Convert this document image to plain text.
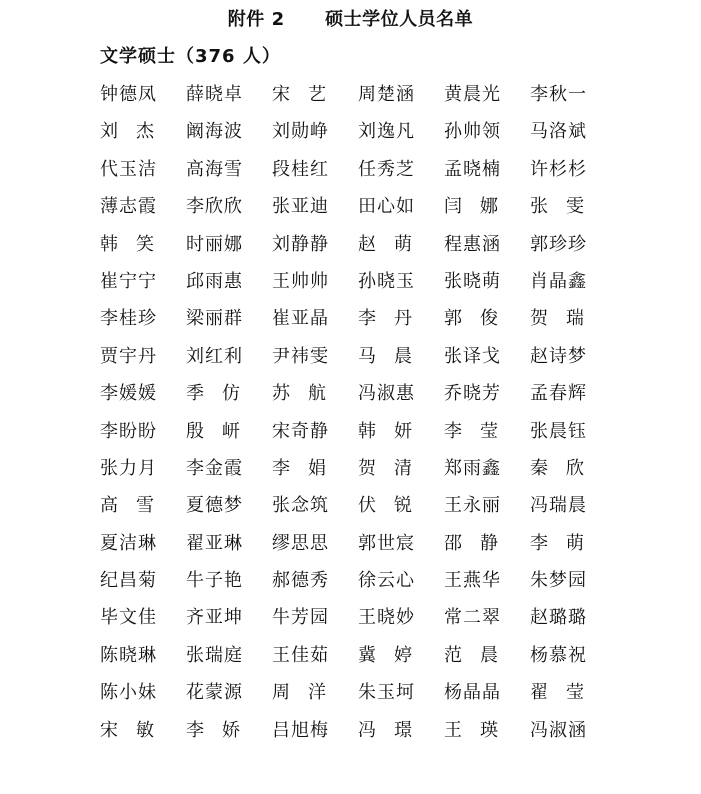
附件 2      硕士学位人员名单
文学硕士（376 人）
钟德凤	薛晓卓	宋 艺	周楚涵	黄晨光	李秋一
刘 杰	阚海波	刘勋峥	刘逸凡	孙帅领	马洛斌
代玉洁	高海雪	段桂红	任秀芝	孟晓楠	许杉杉
薄志霞	李欣欣	张亚迪	田心如	闫 娜	张 雯
韩 笑	时丽娜	刘静静	赵 萌	程惠涵	郭珍珍
崔宁宁	邱雨惠	王帅帅	孙晓玉	张晓萌	肖晶鑫
李桂珍	梁丽群	崔亚晶	李 丹	郭 俊	贺 瑞
贾宇丹	刘红利	尹祎雯	马 晨	张译戈	赵诗梦
李媛媛	季 仿	苏 航	冯淑惠	乔晓芳	孟春辉
李盼盼	殷 岍	宋奇静	韩 妍	李 莹	张晨钰
张力月	李金霞	李 娟	贺 清	郑雨鑫	秦 欣
高 雪	夏德梦	张念筑	伏 锐	王永丽	冯瑞晨
夏洁琳	翟亚琳	缪思思	郭世宸	邵 静	李 萌
纪昌菊	牛子艳	郝德秀	徐云心	王燕华	朱梦园
毕文佳	齐亚坤	牛芳园	王晓妙	常二翠	赵璐璐
陈晓琳	张瑞庭	王佳茹	冀 婷	范 晨	杨慕祝
陈小妹	花蒙源	周 洋	朱玉坷	杨晶晶	翟 莹
宋 敏	李 娇	吕旭梅	冯 璟	王 瑛	冯淑涵
